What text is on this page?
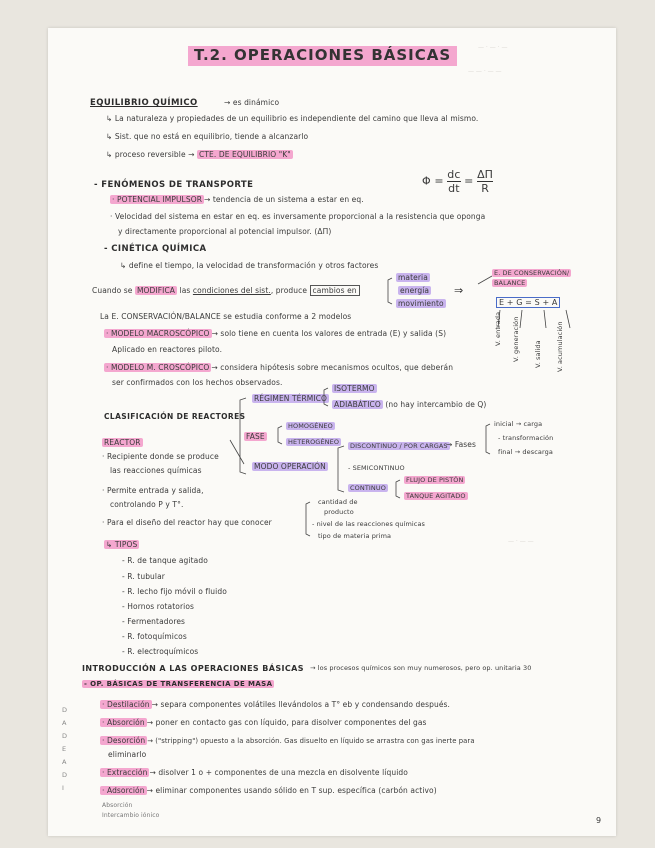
— · — · —
— — · — —
— · — —
T.2. OPERACIONES BÁSICAS
EQUILIBRIO QUÍMICO	→ es dinámico
↳ La naturaleza y propiedades de un equilibrio es independiente del camino que lleva al mismo.
↳ Sist. que no está en equilibrio, tiende a alcanzarlo
↳ proceso reversible → CTE. DE EQUILIBRIO "K"
$\Phi = \frac{dc}{dt} = \frac{\Delta\Pi}{R}$
- FENÓMENOS DE TRANSPORTE
· POTENCIAL IMPULSOR → tendencia de un sistema a estar en eq.
· Velocidad del sistema en estar en eq. es inversamente proporcional a la resistencia que oponga
y directamente proporcional al potencial impulsor. (ΔΠ)
- CINÉTICA QUÍMICA
↳ define el tiempo, la velocidad de transformación y otros factores
Cuando se MODIFICA las condiciones del sist., produce cambios en
materia
energía
movimiento
⇒
E. DE CONSERVACIÓN/
BALANCE
E + G = S + A
V. entrada V. generación V. salida V. acumulación
La E. CONSERVACIÓN/BALANCE se estudia conforme a 2 modelos
· MODELO MACROSCÓPICO → solo tiene en cuenta los valores de entrada (E) y salida (S)
Aplicado en reactores piloto.
· MODELO M. CROSCÓPICO → considera hipótesis sobre mecanismos ocultos, que deberán
ser confirmados con los hechos observados.
CLASIFICACIÓN DE REACTORES
RÉGIMEN TÉRMICO
ISOTERMO
ADIABÁTICO (no hay intercambio de Q)
FASE
HOMOGÉNEO
HETEROGÉNEO
MODO OPERACIÓN
DISCONTINUO / POR CARGAS
→ Fases
inicial → carga
- transformación
final → descarga
- SEMICONTINUO
CONTINUO
FLUJO DE PISTÓN
TANQUE AGITADO
REACTOR
· Recipiente donde se produce
las reacciones químicas
· Permite entrada y salida,
controlando P y T°.
· Para el diseño del reactor hay que conocer
cantidad de
producto
- nivel de las reacciones químicas
tipo de materia prima
↳ TIPOS
- R. de tanque agitado
- R. tubular
- R. lecho fijo móvil o fluido
- Hornos rotatorios
- Fermentadores
- R. fotoquímicos
- R. electroquímicos
INTRODUCCIÓN A LAS OPERACIONES BÁSICAS → los procesos químicos son muy numerosos, pero op. unitaria 30
- OP. BÁSICAS DE TRANSFERENCIA DE MASA
· Destilación → separa componentes volátiles llevándolos a T° eb y condensando después.
· Absorción → poner en contacto gas con líquido, para disolver componentes del gas
· Desorción → ("stripping") opuesto a la absorción. Gas disuelto en líquido se arrastra con gas inerte para
eliminarlo
· Extracción → disolver 1 o + componentes de una mezcla en disolvente líquido
· Adsorción → eliminar componentes usando sólido en T sup. específica (carbón activo)
Absorción
Intercambio iónico
D
A
D
E
A
D
I
9
